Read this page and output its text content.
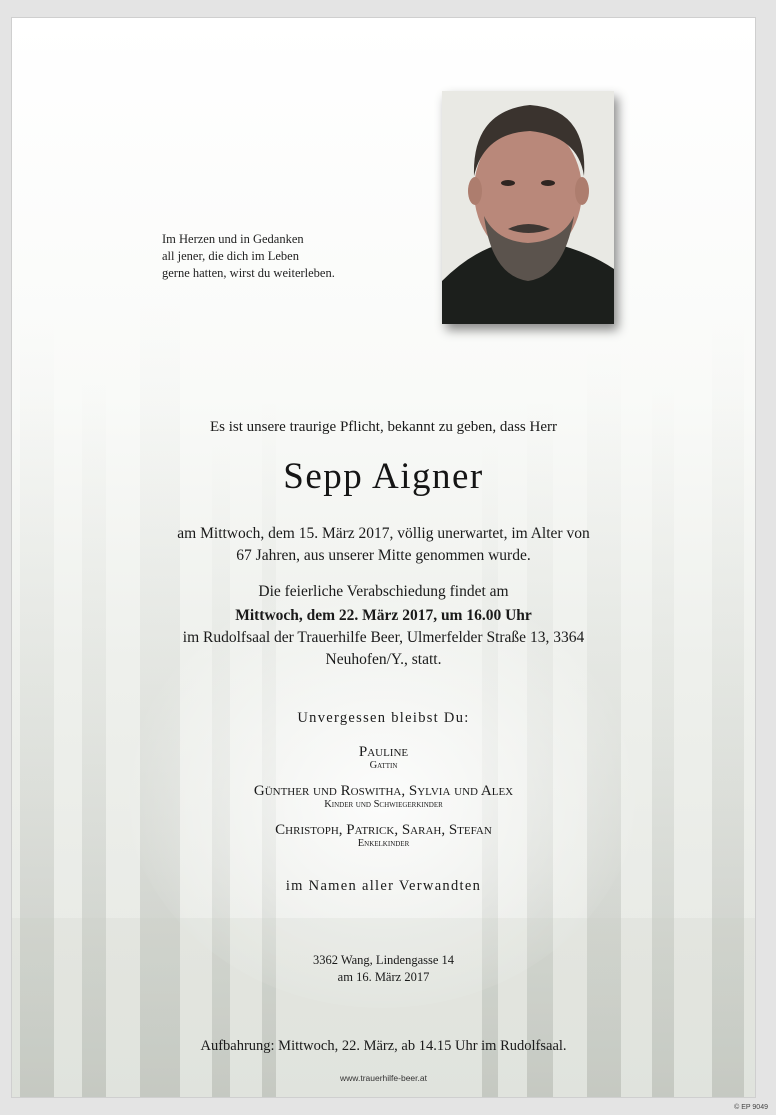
Im Herzen und in Gedanken
all jener, die dich im Leben
gerne hatten, wirst du weiterleben.
Es ist unsere traurige Pflicht, bekannt zu geben, dass Herr
Sepp Aigner
am Mittwoch, dem 15. März 2017, völlig unerwartet, im Alter von
67 Jahren, aus unserer Mitte genommen wurde.
Die feierliche Verabschiedung findet am
Mittwoch, dem 22. März 2017, um 16.00 Uhr
im Rudolfsaal der Trauerhilfe Beer, Ulmerfelder Straße 13, 3364
Neuhofen/Y., statt.
Unvergessen bleibst Du:
Pauline
Gattin
Günther und Roswitha, Sylvia und Alex
Kinder und Schwiegerkinder
Christoph, Patrick, Sarah, Stefan
Enkelkinder
im Namen aller Verwandten
3362 Wang, Lindengasse 14
am 16. März 2017
Aufbahrung: Mittwoch, 22. März, ab 14.15 Uhr im Rudolfsaal.
www.trauerhilfe-beer.at
© EP 9049
